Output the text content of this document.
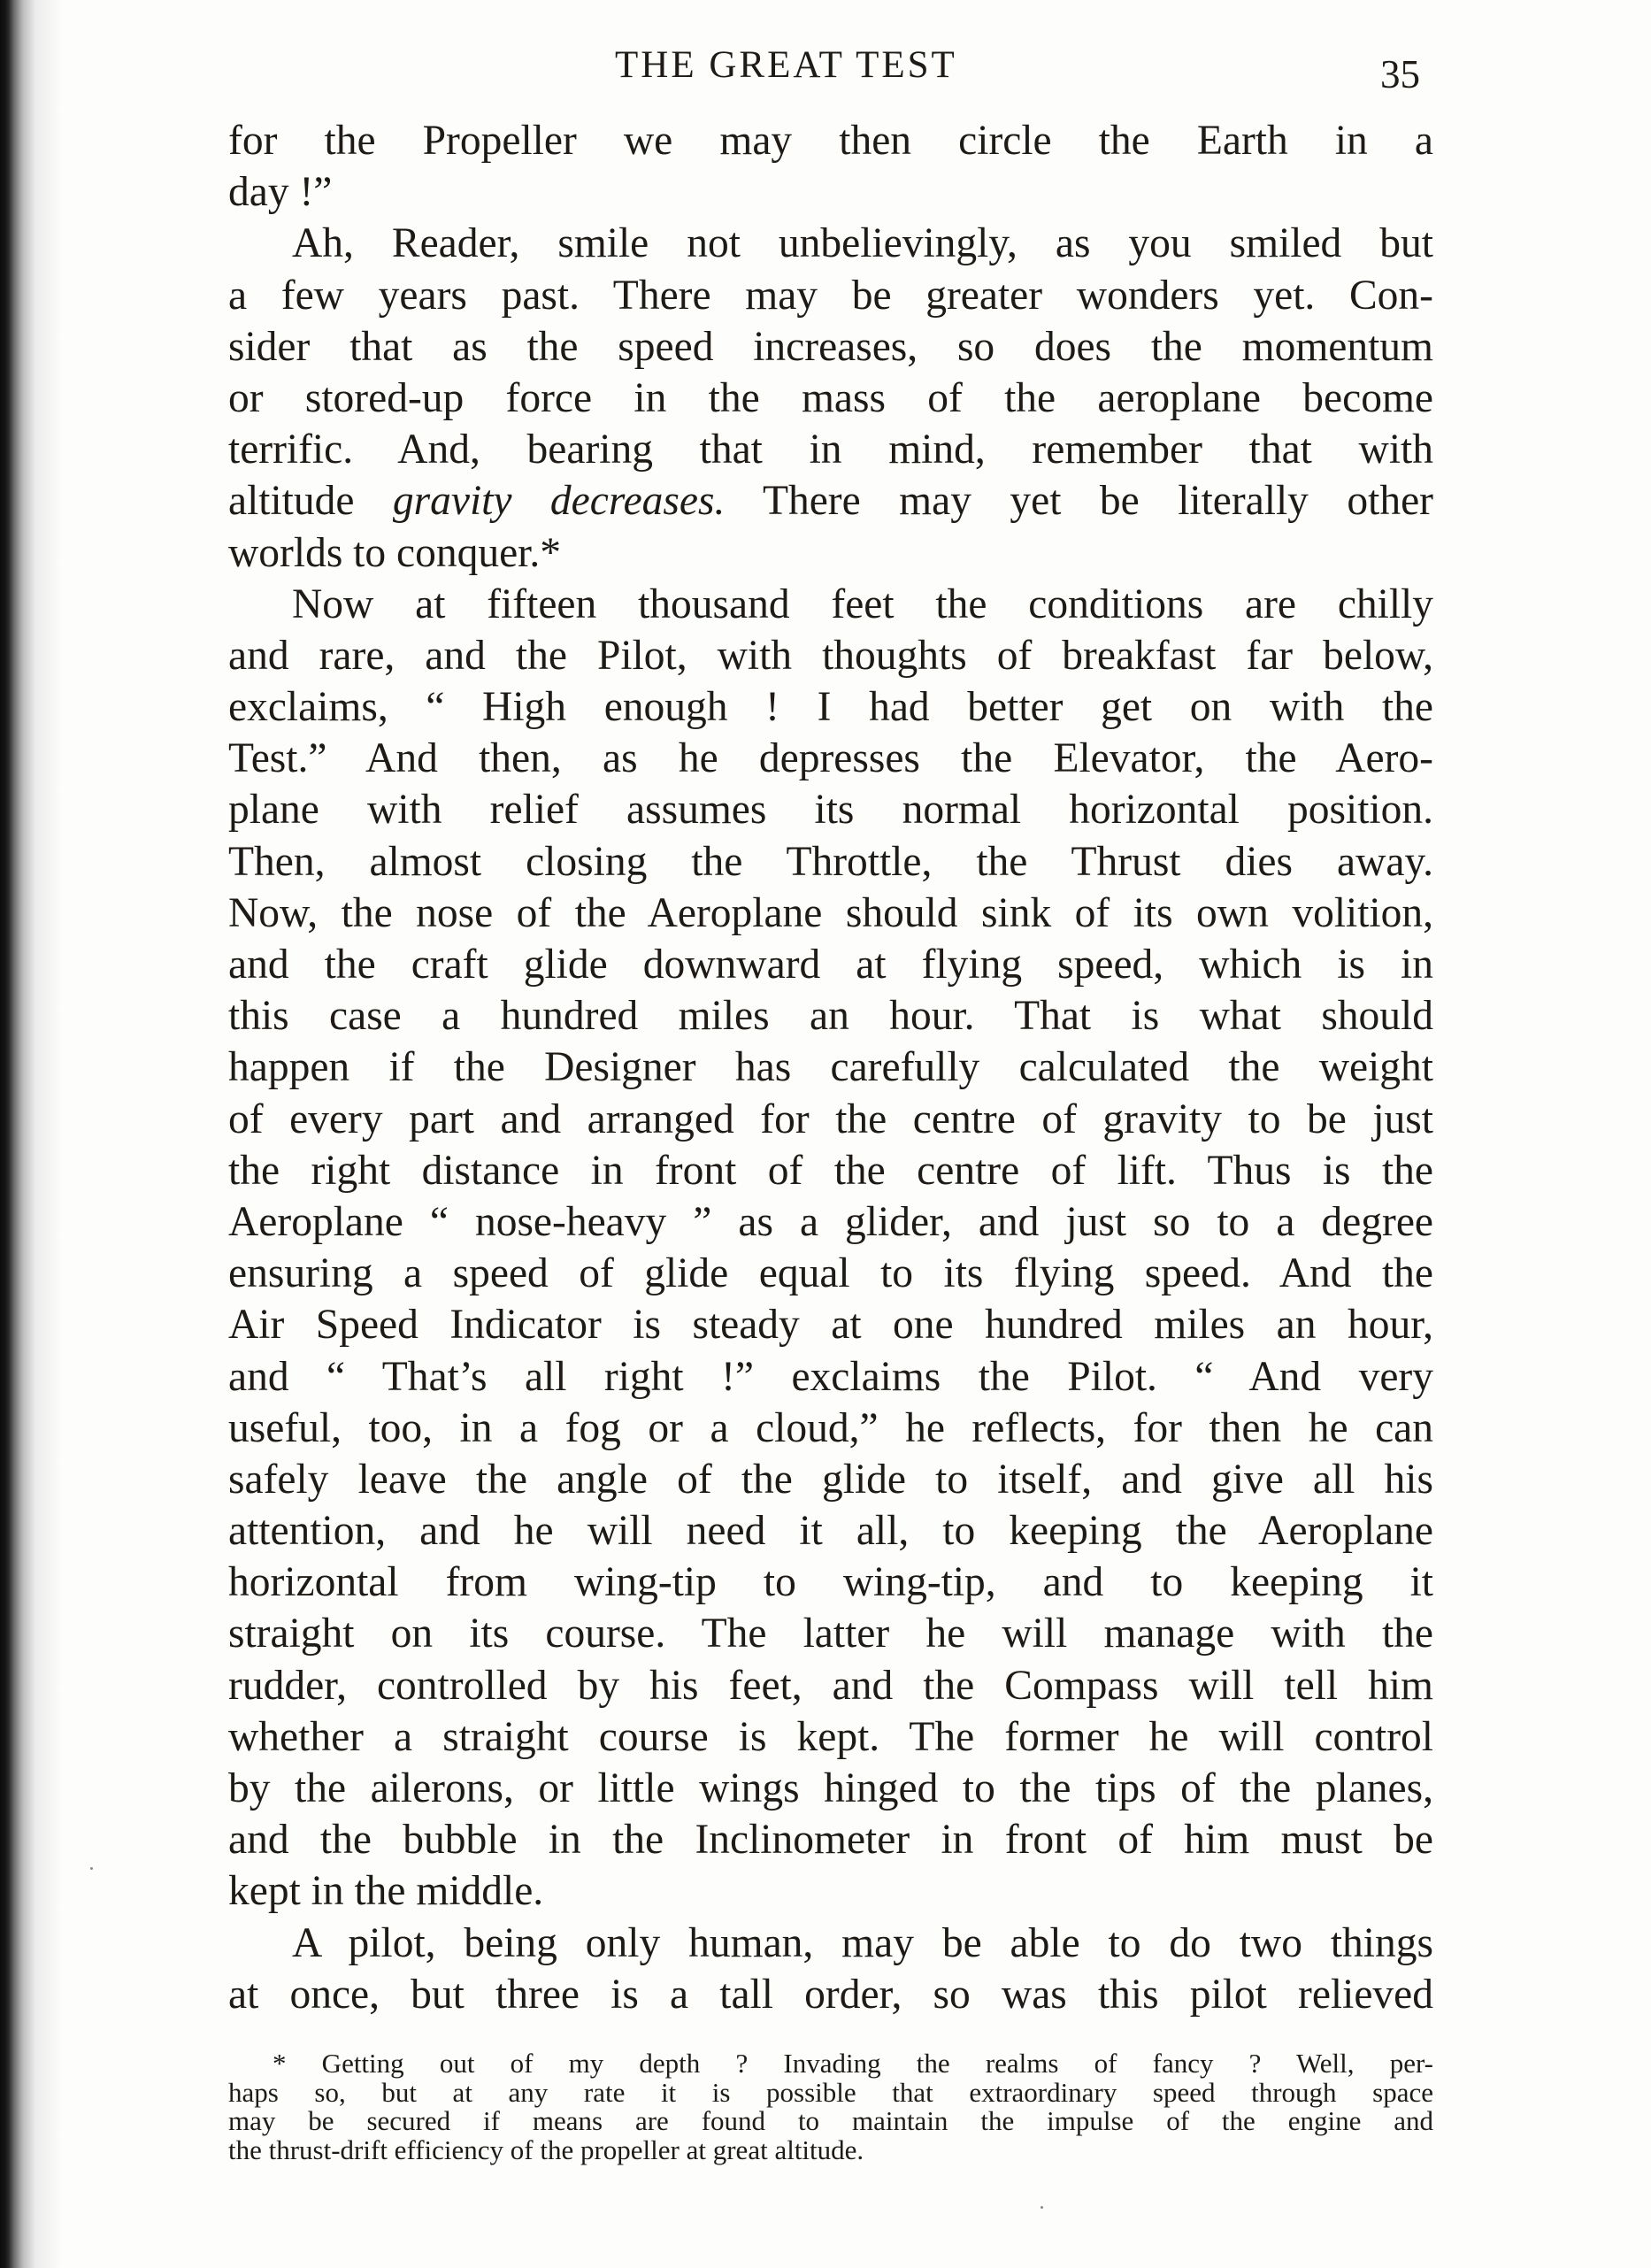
THE GREAT TEST	35
for the Propeller we may then circle the Earth in a
day !”
Ah, Reader, smile not unbelievingly, as you smiled but
a few years past. There may be greater wonders yet. Con-
sider that as the speed increases, so does the momentum
or stored-up force in the mass of the aeroplane become
terrific. And, bearing that in mind, remember that with
altitude gravity decreases. There may yet be literally other
worlds to conquer.*
Now at fifteen thousand feet the conditions are chilly
and rare, and the Pilot, with thoughts of breakfast far below,
exclaims, “ High enough ! I had better get on with the
Test.” And then, as he depresses the Elevator, the Aero-
plane with relief assumes its normal horizontal position.
Then, almost closing the Throttle, the Thrust dies away.
Now, the nose of the Aeroplane should sink of its own volition,
and the craft glide downward at flying speed, which is in
this case a hundred miles an hour. That is what should
happen if the Designer has carefully calculated the weight
of every part and arranged for the centre of gravity to be just
the right distance in front of the centre of lift. Thus is the
Aeroplane “ nose-heavy ” as a glider, and just so to a degree
ensuring a speed of glide equal to its flying speed. And the
Air Speed Indicator is steady at one hundred miles an hour,
and “ That’s all right !” exclaims the Pilot. “ And very
useful, too, in a fog or a cloud,” he reflects, for then he can
safely leave the angle of the glide to itself, and give all his
attention, and he will need it all, to keeping the Aeroplane
horizontal from wing-tip to wing-tip, and to keeping it
straight on its course. The latter he will manage with the
rudder, controlled by his feet, and the Compass will tell him
whether a straight course is kept. The former he will control
by the ailerons, or little wings hinged to the tips of the planes,
and the bubble in the Inclinometer in front of him must be
kept in the middle.
A pilot, being only human, may be able to do two things
at once, but three is a tall order, so was this pilot relieved
* Getting out of my depth ? Invading the realms of fancy ? Well, per-
haps so, but at any rate it is possible that extraordinary speed through space
may be secured if means are found to maintain the impulse of the engine and
the thrust-drift efficiency of the propeller at great altitude.
